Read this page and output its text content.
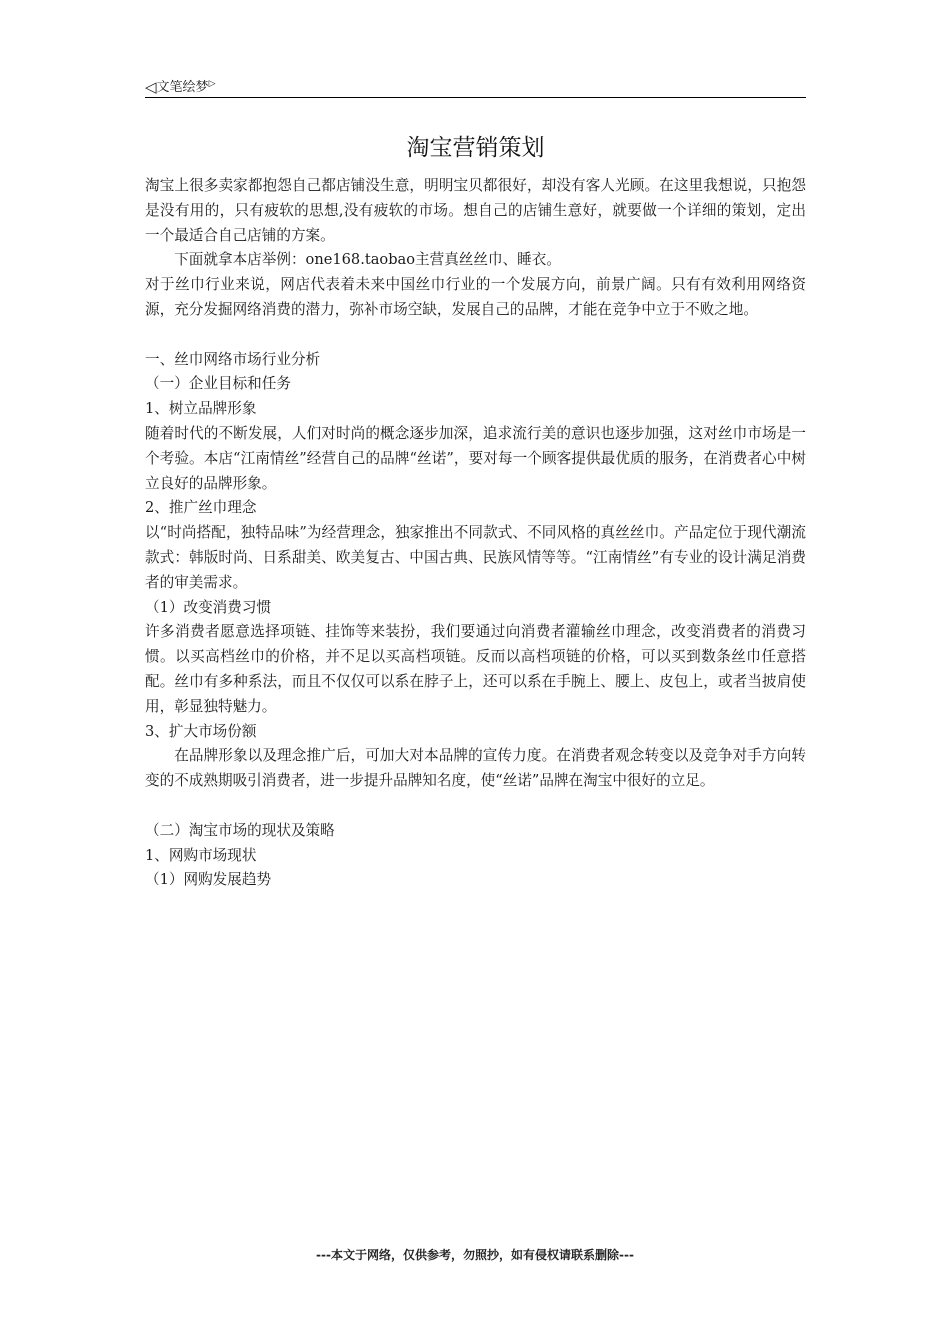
◁文笔绘梦▷
淘宝营销策划

淘宝上很多卖家都抱怨自己都店铺没生意，明明宝贝都很好，却没有客人光顾。在这里我想说，只抱怨是没有用的，只有疲软的思想,没有疲软的市场。想自己的店铺生意好，就要做一个详细的策划，定出一个最适合自己店铺的方案。

下面就拿本店举例：one168.taobao主营真丝丝巾、睡衣。

对于丝巾行业来说，网店代表着未来中国丝巾行业的一个发展方向，前景广阔。只有有效利用网络资源，充分发掘网络消费的潜力，弥补市场空缺，发展自己的品牌，才能在竞争中立于不败之地。

一、丝巾网络市场行业分析

（一）企业目标和任务

1、树立品牌形象

随着时代的不断发展，人们对时尚的概念逐步加深，追求流行美的意识也逐步加强，这对丝巾市场是一个考验。本店“江南情丝”经营自己的品牌“丝诺”，要对每一个顾客提供最优质的服务，在消费者心中树立良好的品牌形象。

2、推广丝巾理念

以“时尚搭配，独特品味”为经营理念，独家推出不同款式、不同风格的真丝丝巾。产品定位于现代潮流款式：韩版时尚、日系甜美、欧美复古、中国古典、民族风情等等。“江南情丝”有专业的设计满足消费者的审美需求。

（1）改变消费习惯

许多消费者愿意选择项链、挂饰等来装扮，我们要通过向消费者灌输丝巾理念，改变消费者的消费习惯。以买高档丝巾的价格，并不足以买高档项链。反而以高档项链的价格，可以买到数条丝巾任意搭配。丝巾有多种系法，而且不仅仅可以系在脖子上，还可以系在手腕上、腰上、皮包上，或者当披肩使用，彰显独特魅力。

3、扩大市场份额

在品牌形象以及理念推广后，可加大对本品牌的宣传力度。在消费者观念转变以及竞争对手方向转变的不成熟期吸引消费者，进一步提升品牌知名度，使“丝诺”品牌在淘宝中很好的立足。

（二）淘宝市场的现状及策略

1、网购市场现状

（1）网购发展趋势

---本文于网络，仅供参考，勿照抄，如有侵权请联系删除---
